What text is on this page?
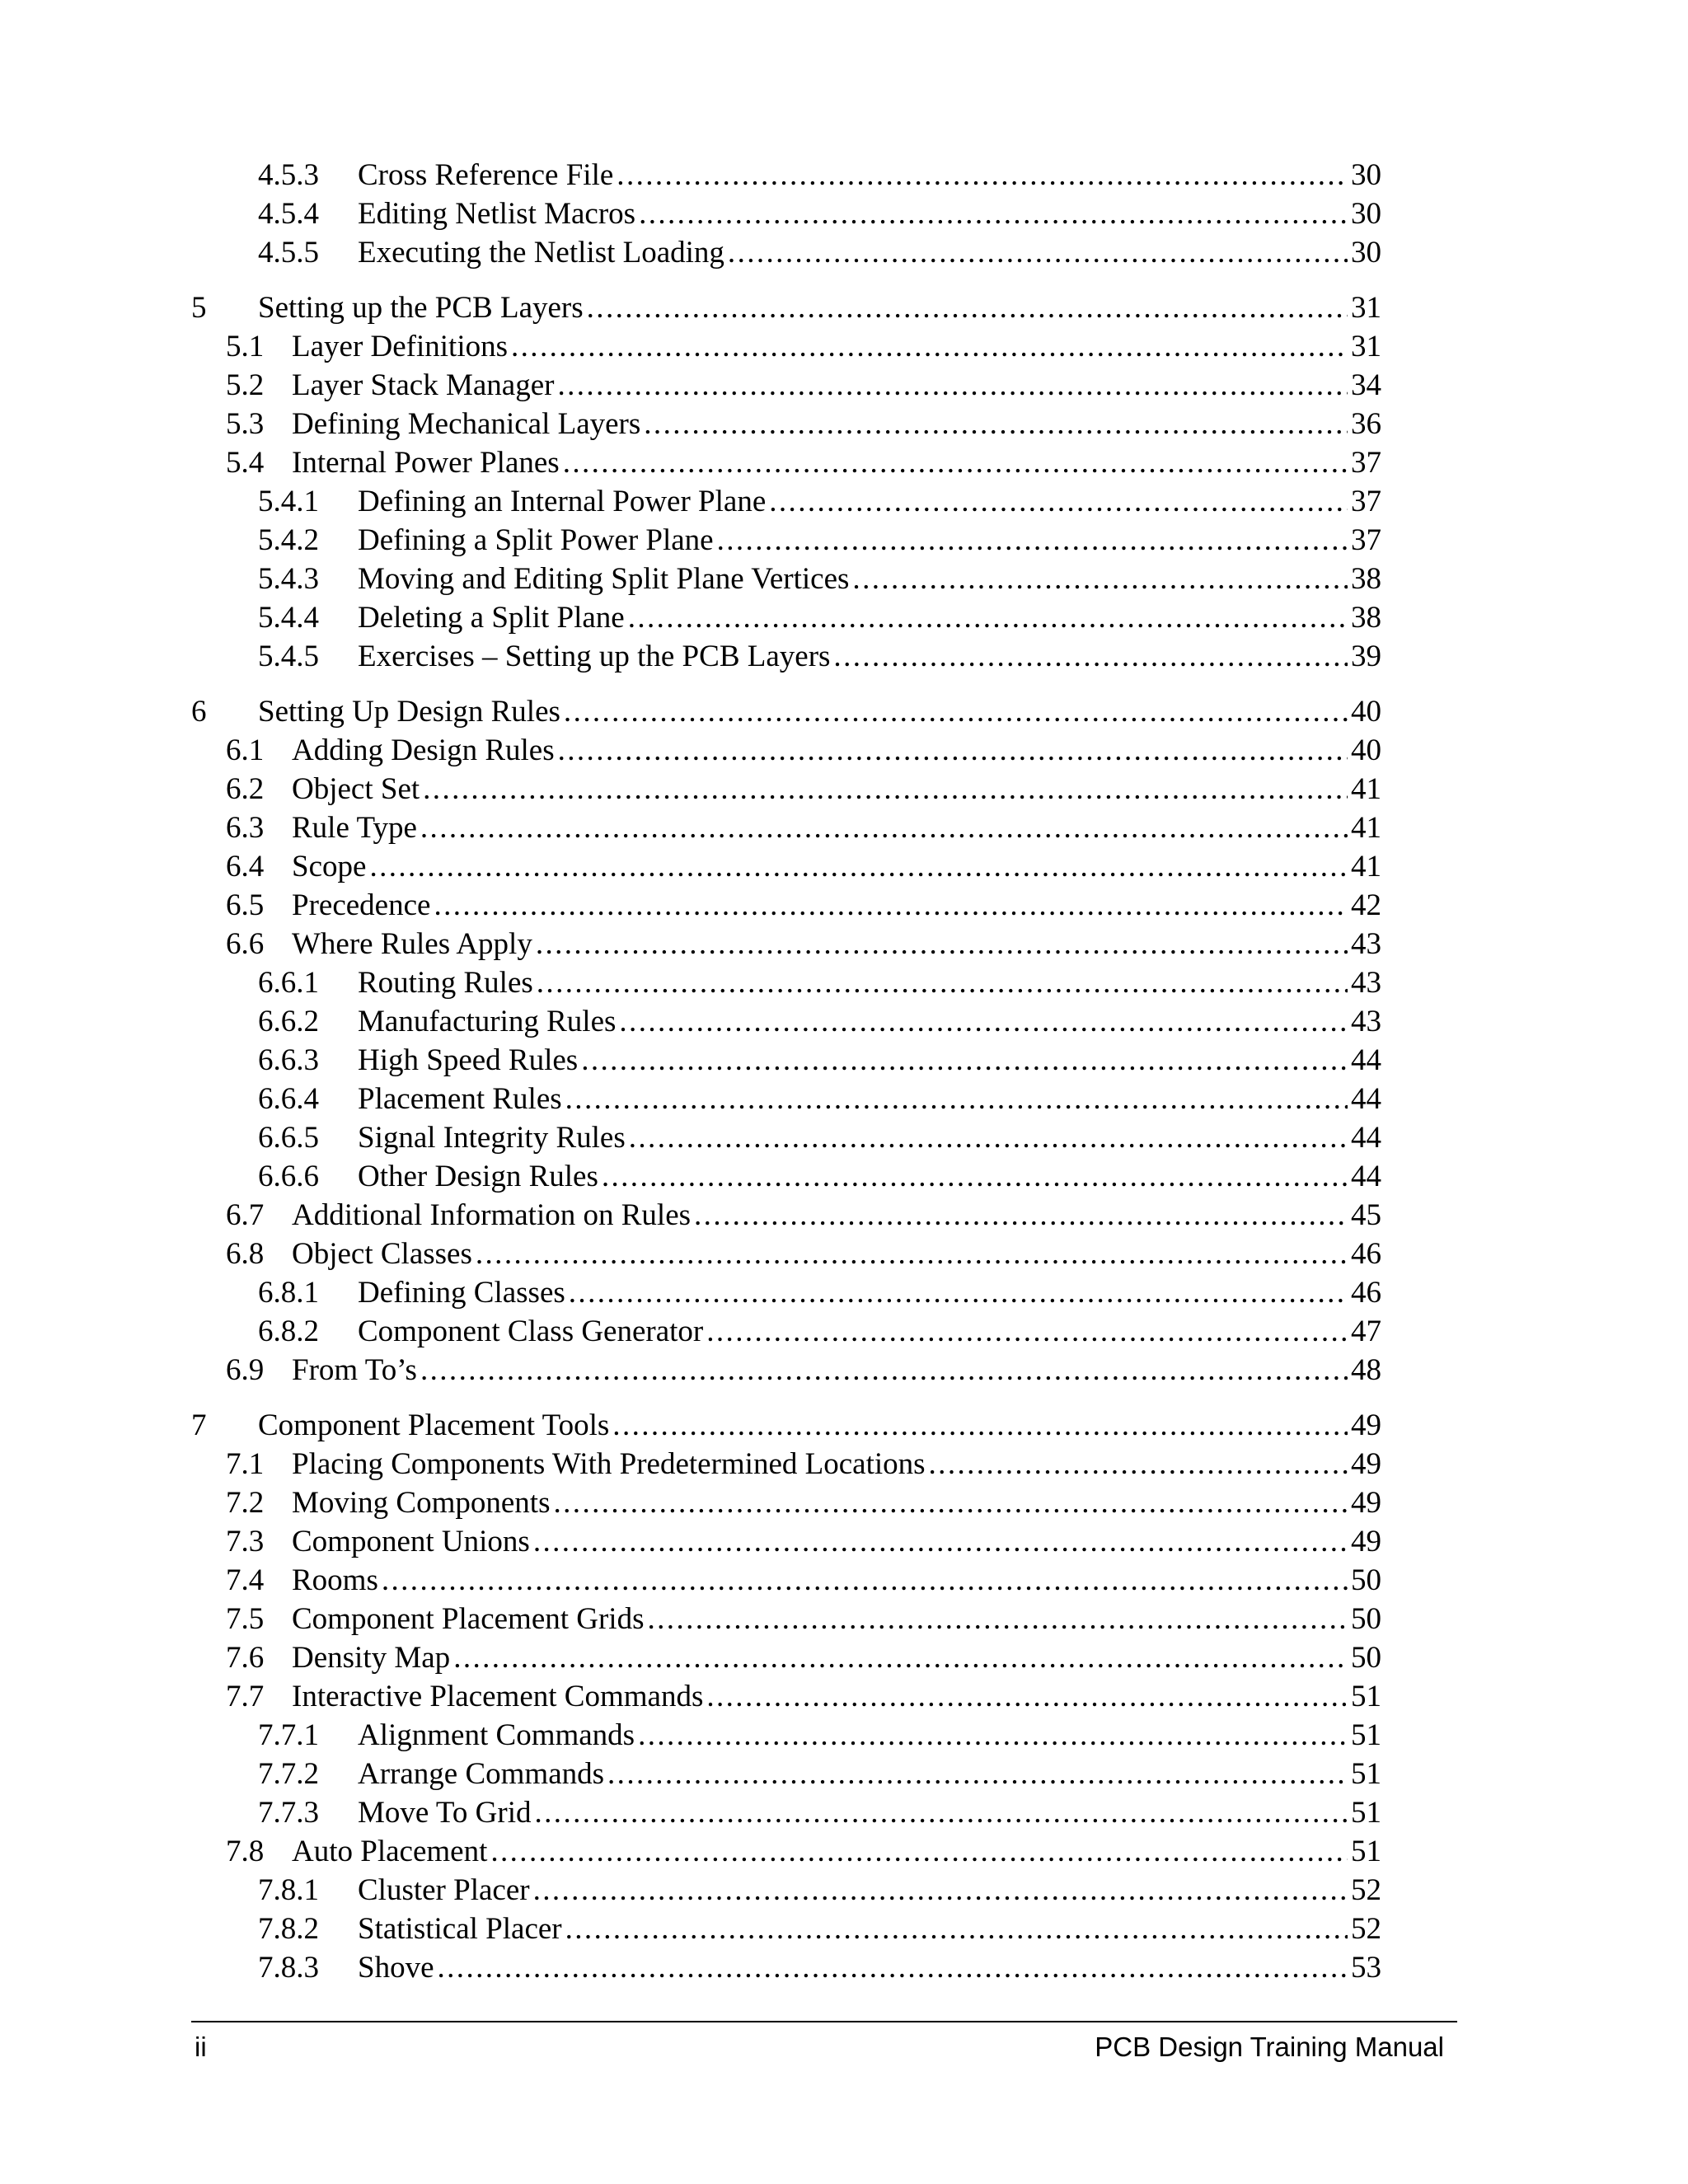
4.5.3	Cross Reference File .....	30
4.5.4	Editing Netlist Macros .....	30
4.5.5	Executing the Netlist Loading .....	30
5	Setting up the PCB Layers .....	31
5.1 Layer Definitions .....	31
5.2 Layer Stack Manager .....	34
5.3 Defining Mechanical Layers .....	36
5.4 Internal Power Planes .....	37
5.4.1	Defining an Internal Power Plane .....	37
5.4.2	Defining a Split Power Plane .....	37
5.4.3	Moving and Editing Split Plane Vertices .....	38
5.4.4	Deleting a Split Plane .....	38
5.4.5	Exercises – Setting up the PCB Layers .....	39
6	Setting Up Design Rules .....	40
6.1 Adding Design Rules .....	40
6.2 Object Set .....	41
6.3 Rule Type .....	41
6.4 Scope .....	41
6.5 Precedence .....	42
6.6 Where Rules Apply .....	43
6.6.1	Routing Rules .....	43
6.6.2	Manufacturing Rules .....	43
6.6.3	High Speed Rules .....	44
6.6.4	Placement Rules .....	44
6.6.5	Signal Integrity Rules .....	44
6.6.6	Other Design Rules .....	44
6.7 Additional Information on Rules .....	45
6.8 Object Classes .....	46
6.8.1	Defining Classes .....	46
6.8.2	Component Class Generator .....	47
6.9 From To’s .....	48
7	Component Placement Tools .....	49
7.1 Placing Components With Predetermined Locations .....	49
7.2 Moving Components .....	49
7.3 Component Unions .....	49
7.4 Rooms .....	50
7.5 Component Placement Grids .....	50
7.6 Density Map .....	50
7.7 Interactive Placement Commands .....	51
7.7.1	Alignment Commands .....	51
7.7.2	Arrange Commands .....	51
7.7.3	Move To Grid .....	51
7.8 Auto Placement .....	51
7.8.1	Cluster Placer .....	52
7.8.2	Statistical Placer .....	52
7.8.3	Shove .....	53
ii	PCB Design Training Manual
